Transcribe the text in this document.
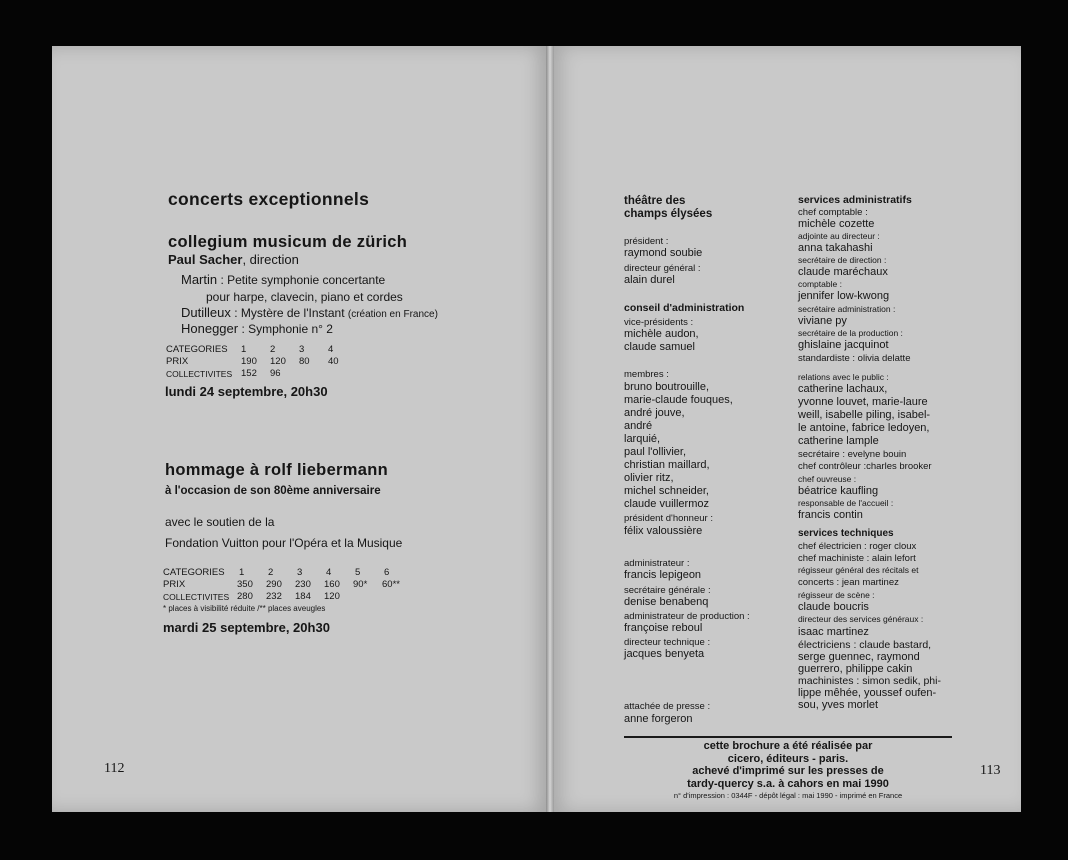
concerts exceptionnels
collegium musicum de zürich
Paul Sacher, direction
Martin : Petite symphonie concertante
pour harpe, clavecin, piano et cordes
Dutilleux : Mystère de l'Instant (création en France)
Honegger : Symphonie n° 2
CATEGORIES 1 2 3 4
PRIX	190 120 80 40
COLLECTIVITES 152 96
lundi 24 septembre, 20h30
hommage à rolf liebermann
à l'occasion de son 80ème anniversaire
avec le soutien de la
Fondation Vuitton pour l'Opéra et la Musique
CATEGORIES 1 2 3 4 5 6
PRIX	350 290 230 160 90* 60**
COLLECTIVITES 280 232 184 120
* places à visibilité réduite /** places aveugles
mardi 25 septembre, 20h30
112
théâtre des
champs élysées
président :
raymond soubie
directeur général :
alain durel
conseil d'administration
vice-présidents :
michèle audon,
claude samuel
membres :
bruno boutrouille,
marie-claude fouques,
andré jouve,
andré
larquié,
paul l'ollivier,
christian maillard,
olivier ritz,
michel schneider,
claude vuillermoz
président d'honneur :
félix valoussière
administrateur :
francis lepigeon
secrétaire générale :
denise benabenq
administrateur de production :
françoise reboul
directeur technique :
jacques benyeta
attachée de presse :
anne forgeron
services administratifs
chef comptable :
michèle cozette
adjointe au directeur :
anna takahashi
secrétaire de direction :
claude maréchaux
comptable :
jennifer low-kwong
secrétaire administration :
viviane py
secrétaire de la production :
ghislaine jacquinot
standardiste : olivia delatte
relations avec le public :
catherine lachaux,
yvonne louvet, marie-laure
weill, isabelle piling, isabel-
le antoine, fabrice ledoyen,
catherine lample
secrétaire : evelyne bouin
chef contrôleur :charles brooker
chef ouvreuse :
béatrice kaufling
responsable de l'accueil :
francis contin
services techniques
chef électricien : roger cloux
chef machiniste : alain lefort
régisseur général des récitals et
concerts : jean martinez
régisseur de scène :
claude boucris
directeur des services généraux :
isaac martinez
électriciens : claude bastard,
serge guennec, raymond
guerrero, philippe cakin
machinistes : simon sedik, phi-
lippe mêhée, youssef oufen-
sou, yves morlet
cette brochure a été réalisée par
cicero, éditeurs - paris.
achevé d'imprimé sur les presses de
tardy-quercy s.a. à cahors en mai 1990
n° d'impression : 0344F - dépôt légal : mai 1990 - imprimé en France
113
